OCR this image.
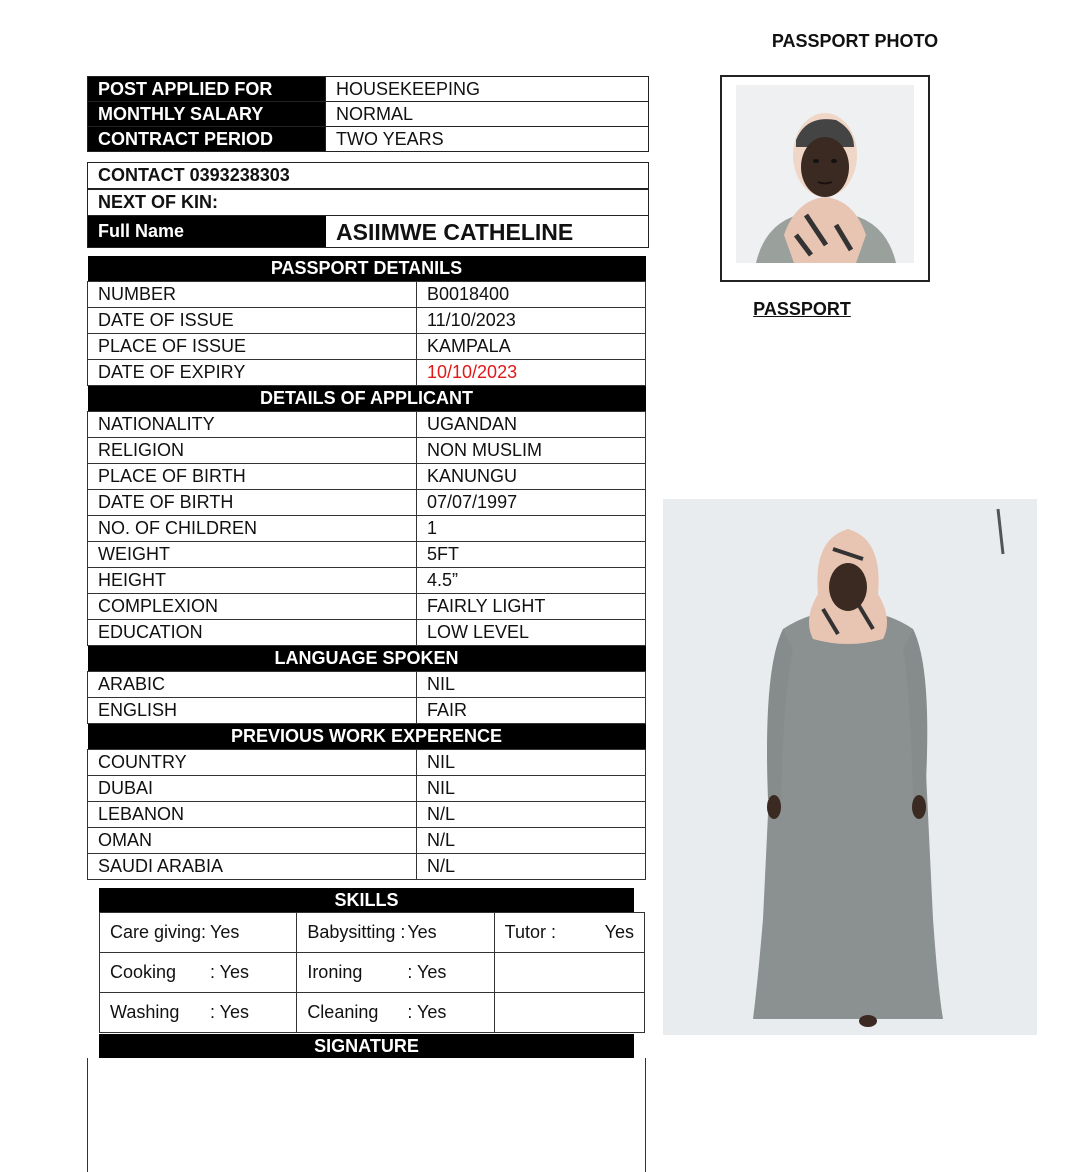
POST APPLIED FOR	HOUSEKEEPING
MONTHLY SALARY	NORMAL
CONTRACT PERIOD	TWO YEARS
CONTACT 0393238303
NEXT OF KIN:
Full Name	ASIIMWE CATHELINE
PASSPORT DETANILS	
NUMBER	B0018400
DATE OF ISSUE	11/10/2023
PLACE OF ISSUE	KAMPALA
DATE OF EXPIRY	10/10/2023
DETAILS OF APPLICANT	
NATIONALITY	UGANDAN
RELIGION	NON MUSLIM
PLACE OF BIRTH	KANUNGU
DATE OF BIRTH	07/07/1997
NO. OF CHILDREN	1
WEIGHT	5FT
HEIGHT	4.5”
COMPLEXION	FAIRLY LIGHT
EDUCATION	LOW LEVEL
LANGUAGE SPOKEN	
ARABIC	NIL
ENGLISH	FAIR
PREVIOUS WORK EXPERENCE	
COUNTRY	NIL
DUBAI	NIL
LEBANON	N/L
OMAN	N/L
SAUDI ARABIA	N/L
SKILLS
Care giving: Yes	Babysitting : Yes	Tutor : Yes
Cooking : Yes	Ironing : Yes	
Washing : Yes	Cleaning : Yes	
SIGNATURE
PASSPORT PHOTO
PASSPORT
